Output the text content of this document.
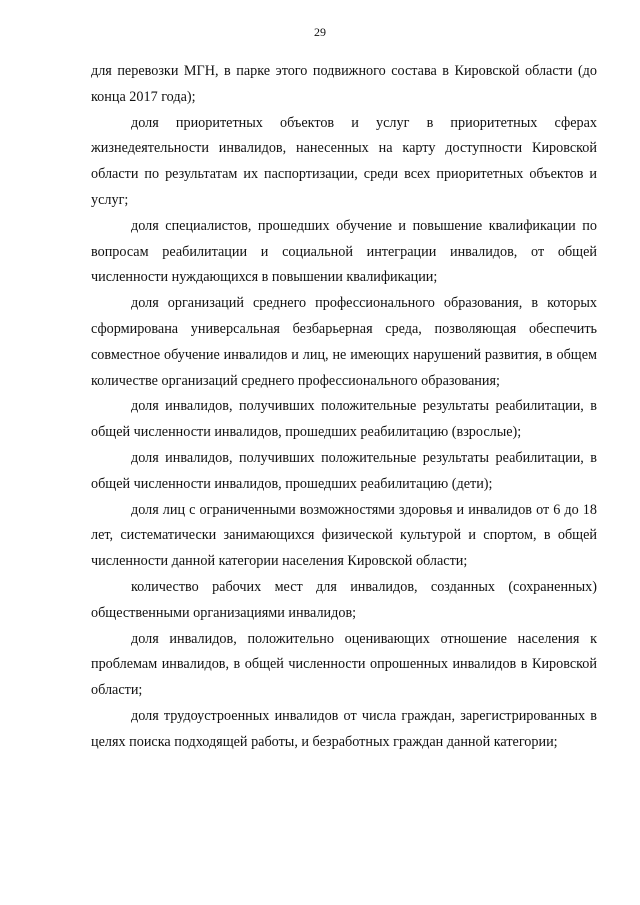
29

для перевозки МГН, в парке этого подвижного состава в Кировской области (до конца 2017 года);

доля приоритетных объектов и услуг в приоритетных сферах жизнедеятельности инвалидов, нанесенных на карту доступности Кировской области по результатам их паспортизации, среди всех приоритетных объектов и услуг;

доля специалистов, прошедших обучение и повышение квалификации по вопросам реабилитации и социальной интеграции инвалидов, от общей численности нуждающихся в повышении квалификации;

доля организаций среднего профессионального образования, в которых сформирована универсальная безбарьерная среда, позволяющая обеспечить совместное обучение инвалидов и лиц, не имеющих нарушений развития, в общем количестве организаций среднего профессионального образования;

доля инвалидов, получивших положительные результаты реабилитации, в общей численности инвалидов, прошедших реабилитацию (взрослые);

доля инвалидов, получивших положительные результаты реабилитации, в общей численности инвалидов, прошедших реабилитацию (дети);

доля лиц с ограниченными возможностями здоровья и инвалидов от 6 до 18 лет, систематически занимающихся физической культурой и спортом, в общей численности данной категории населения Кировской области;

количество рабочих мест для инвалидов, созданных (сохраненных) общественными организациями инвалидов;

доля инвалидов, положительно оценивающих отношение населения к проблемам инвалидов, в общей численности опрошенных инвалидов в Кировской области;

доля трудоустроенных инвалидов от числа граждан, зарегистрированных в целях поиска подходящей работы, и безработных граждан данной категории;
